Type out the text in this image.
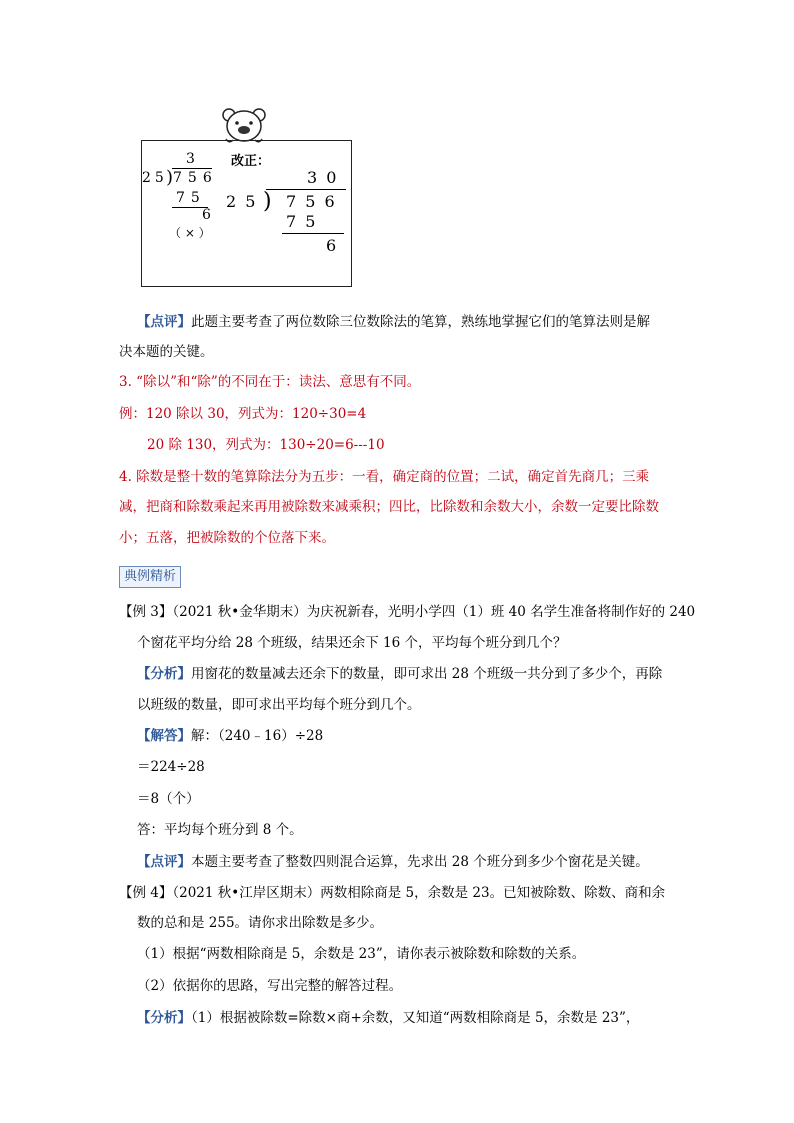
3
25
) 756
75
6
（ × ）
改正：
3 0
2 5 ) 7 5 6
7 5
6
【点评】此题主要考查了两位数除三位数除法的笔算，熟练地掌握它们的笔算法则是解
决本题的关键。
3. “除以”和“除”的不同在于：读法、意思有不同。
例：120 除以 30，列式为：120÷30=4
20 除 130，列式为：130÷20=6---10
4. 除数是整十数的笔算除法分为五步：一看，确定商的位置；二试，确定首先商几；三乘
减，把商和除数乘起来再用被除数来减乘积；四比，比除数和余数大小，余数一定要比除数
小；五落，把被除数的个位落下来。
典例精析
【例 3】（2021 秋•金华期末）为庆祝新春，光明小学四（1）班 40 名学生准备将制作好的 240
个窗花平均分给 28 个班级，结果还余下 16 个，平均每个班分到几个？
【分析】用窗花的数量减去还余下的数量，即可求出 28 个班级一共分到了多少个，再除
以班级的数量，即可求出平均每个班分到几个。
【解答】解：（240﹣16）÷28
＝224÷28
＝8（个）
答：平均每个班分到 8 个。
【点评】本题主要考查了整数四则混合运算，先求出 28 个班分到多少个窗花是关键。
【例 4】（2021 秋•江岸区期末）两数相除商是 5，余数是 23。已知被除数、除数、商和余
数的总和是 255。请你求出除数是多少。
（1）根据“两数相除商是 5，余数是 23”，请你表示被除数和除数的关系。
（2）依据你的思路，写出完整的解答过程。
【分析】（1）根据被除数=除数×商+余数，又知道“两数相除商是 5，余数是 23”，
